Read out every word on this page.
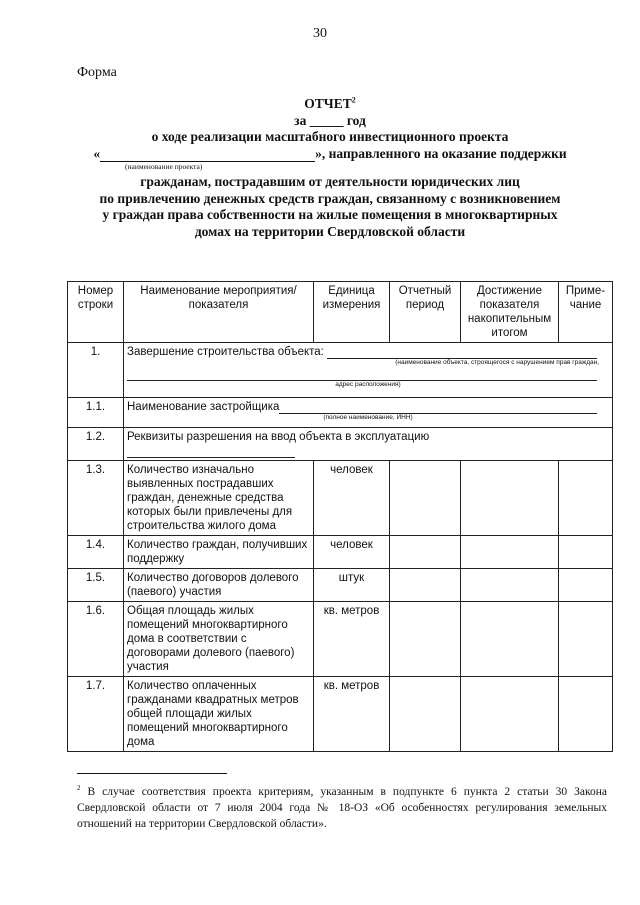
30
Форма
ОТЧЕТ$^2$
за _____ год
о ходе реализации масштабного инвестиционного проекта
«	», направленного на оказание поддержки
(наименование проекта)
гражданам, пострадавшим от деятельности юридических лиц
по привлечению денежных средств граждан, связанному с возникновением
у граждан права собственности на жилые помещения в многоквартирных
домах на территории Свердловской области
Номер строки	Наименование мероприятия/показателя	Единица измерения	Отчетный период	Достижение показателя накопительным итогом	Приме-чание
1.	Завершение строительства объекта:
(наименование объекта, строящегося с нарушением прав граждан,
адрес расположения)				

1.1.	Наименование застройщика
(полное наименование, ИНН)				

1.2.	Реквизиты разрешения на ввод объекта в эксплуатацию				

1.3.	Количество изначально выявленных пострадавших граждан, денежные средства которых были привлечены для строительства жилого дома	человек			
1.4.	Количество граждан, получивших поддержку	человек			
1.5.	Количество договоров долевого (паевого) участия	штук			
1.6.	Общая площадь жилых помещений многоквартирного дома в соответствии с договорами долевого (паевого) участия	кв. метров			
1.7.	Количество оплаченных гражданами квадратных метров общей площади жилых помещений многоквартирного дома	кв. метров			
$^2$ В случае соответствия проекта критериям, указанным в подпункте 6 пункта 2 статьи 30 Закона Свердловской области от 7 июля 2004 года № 18-ОЗ «Об особенностях регулирования земельных отношений на территории Свердловской области».
